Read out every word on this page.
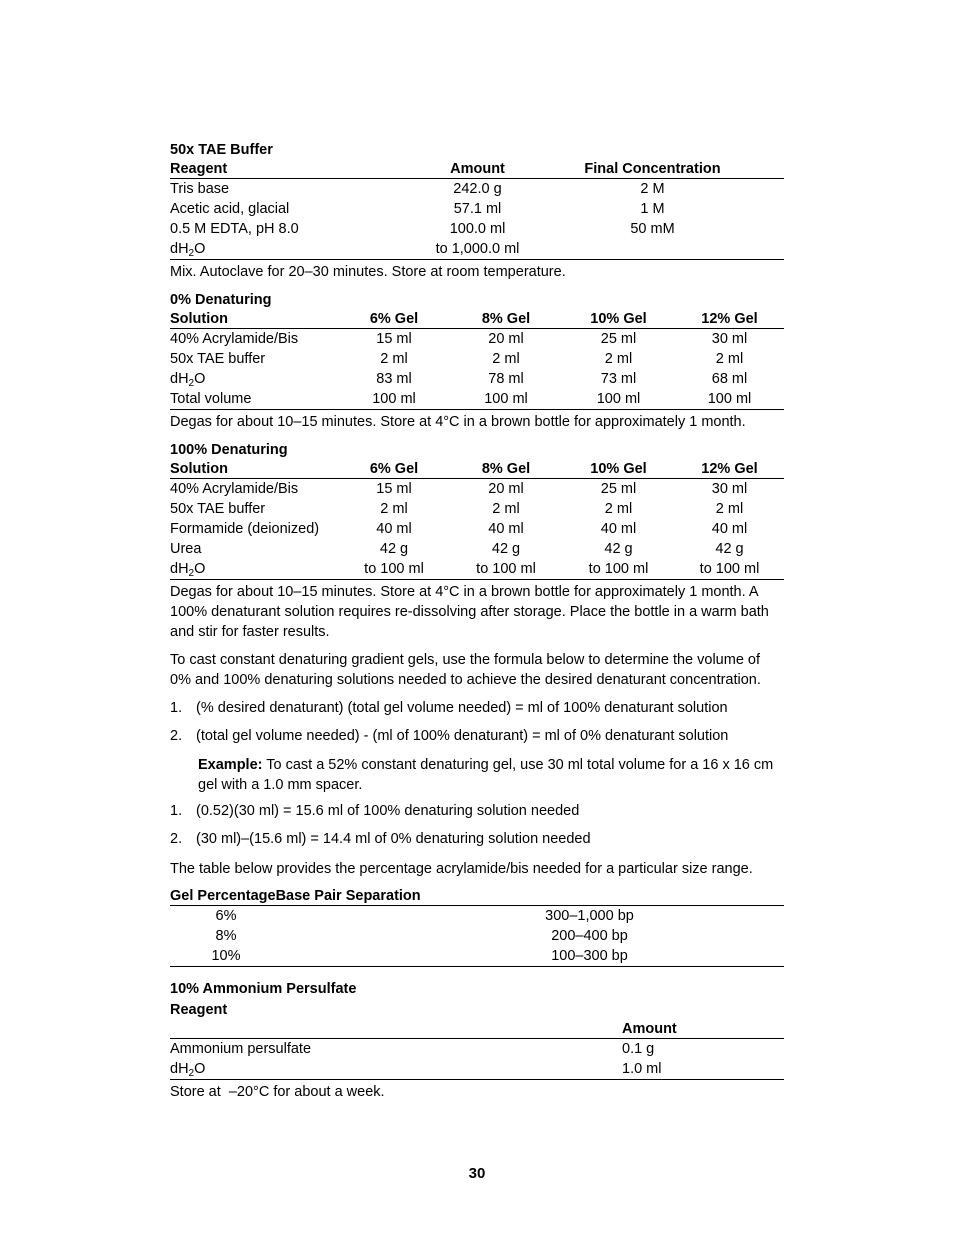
50x TAE Buffer
Reagent	Amount	Final Concentration	
Tris base	242.0 g	2 M	
Acetic acid, glacial	57.1 ml	1 M	
0.5 M EDTA, pH 8.0	100.0 ml	50 mM	
$dH_2O$	to 1,000.0 ml		
Mix. Autoclave for 20–30 minutes. Store at room temperature.
0% Denaturing
Solution	6% Gel	8% Gel	10% Gel	12% Gel
40% Acrylamide/Bis	15 ml	20 ml	25 ml	30 ml
50x TAE buffer	2 ml	2 ml	2 ml	2 ml
$dH_2O$	83 ml	78 ml	73 ml	68 ml
Total volume	100 ml	100 ml	100 ml	100 ml
Degas for about 10–15 minutes. Store at 4°C in a brown bottle for approximately 1 month.
100% Denaturing
Solution	6% Gel	8% Gel	10% Gel	12% Gel
40% Acrylamide/Bis	15 ml	20 ml	25 ml	30 ml
50x TAE buffer	2 ml	2 ml	2 ml	2 ml
Formamide (deionized)	40 ml	40 ml	40 ml	40 ml
Urea	42 g	42 g	42 g	42 g
$dH_2O$	to 100 ml	to 100 ml	to 100 ml	to 100 ml
Degas for about 10–15 minutes. Store at 4°C in a brown bottle for approximately 1 month. A 100% denaturant solution requires re-dissolving after storage. Place the bottle in a warm bath and stir for faster results.
To cast constant denaturing gradient gels, use the formula below to determine the volume of 0% and 100% denaturing solutions needed to achieve the desired denaturant concentration.
1. (% desired denaturant) (total gel volume needed) = ml of 100% denaturant solution
2. (total gel volume needed) - (ml of 100% denaturant) = ml of 0% denaturant solution
Example: To cast a 52% constant denaturing gel, use 30 ml total volume for a 16 x 16 cm gel with a 1.0 mm spacer.
1. (0.52)(30 ml) = 15.6 ml of 100% denaturing solution needed
2. (30 ml)–(15.6 ml) = 14.4 ml of 0% denaturing solution needed
The table below provides the percentage acrylamide/bis needed for a particular size range.
Gel PercentageBase Pair Separation			
6%		300–1,000 bp	
8%		200–400 bp	
10%		100–300 bp	
10% Ammonium Persulfate
Reagent
	Amount
Ammonium persulfate	0.1 g
$dH_2O$	1.0 ml
Store at  –20°C for about a week.
30
